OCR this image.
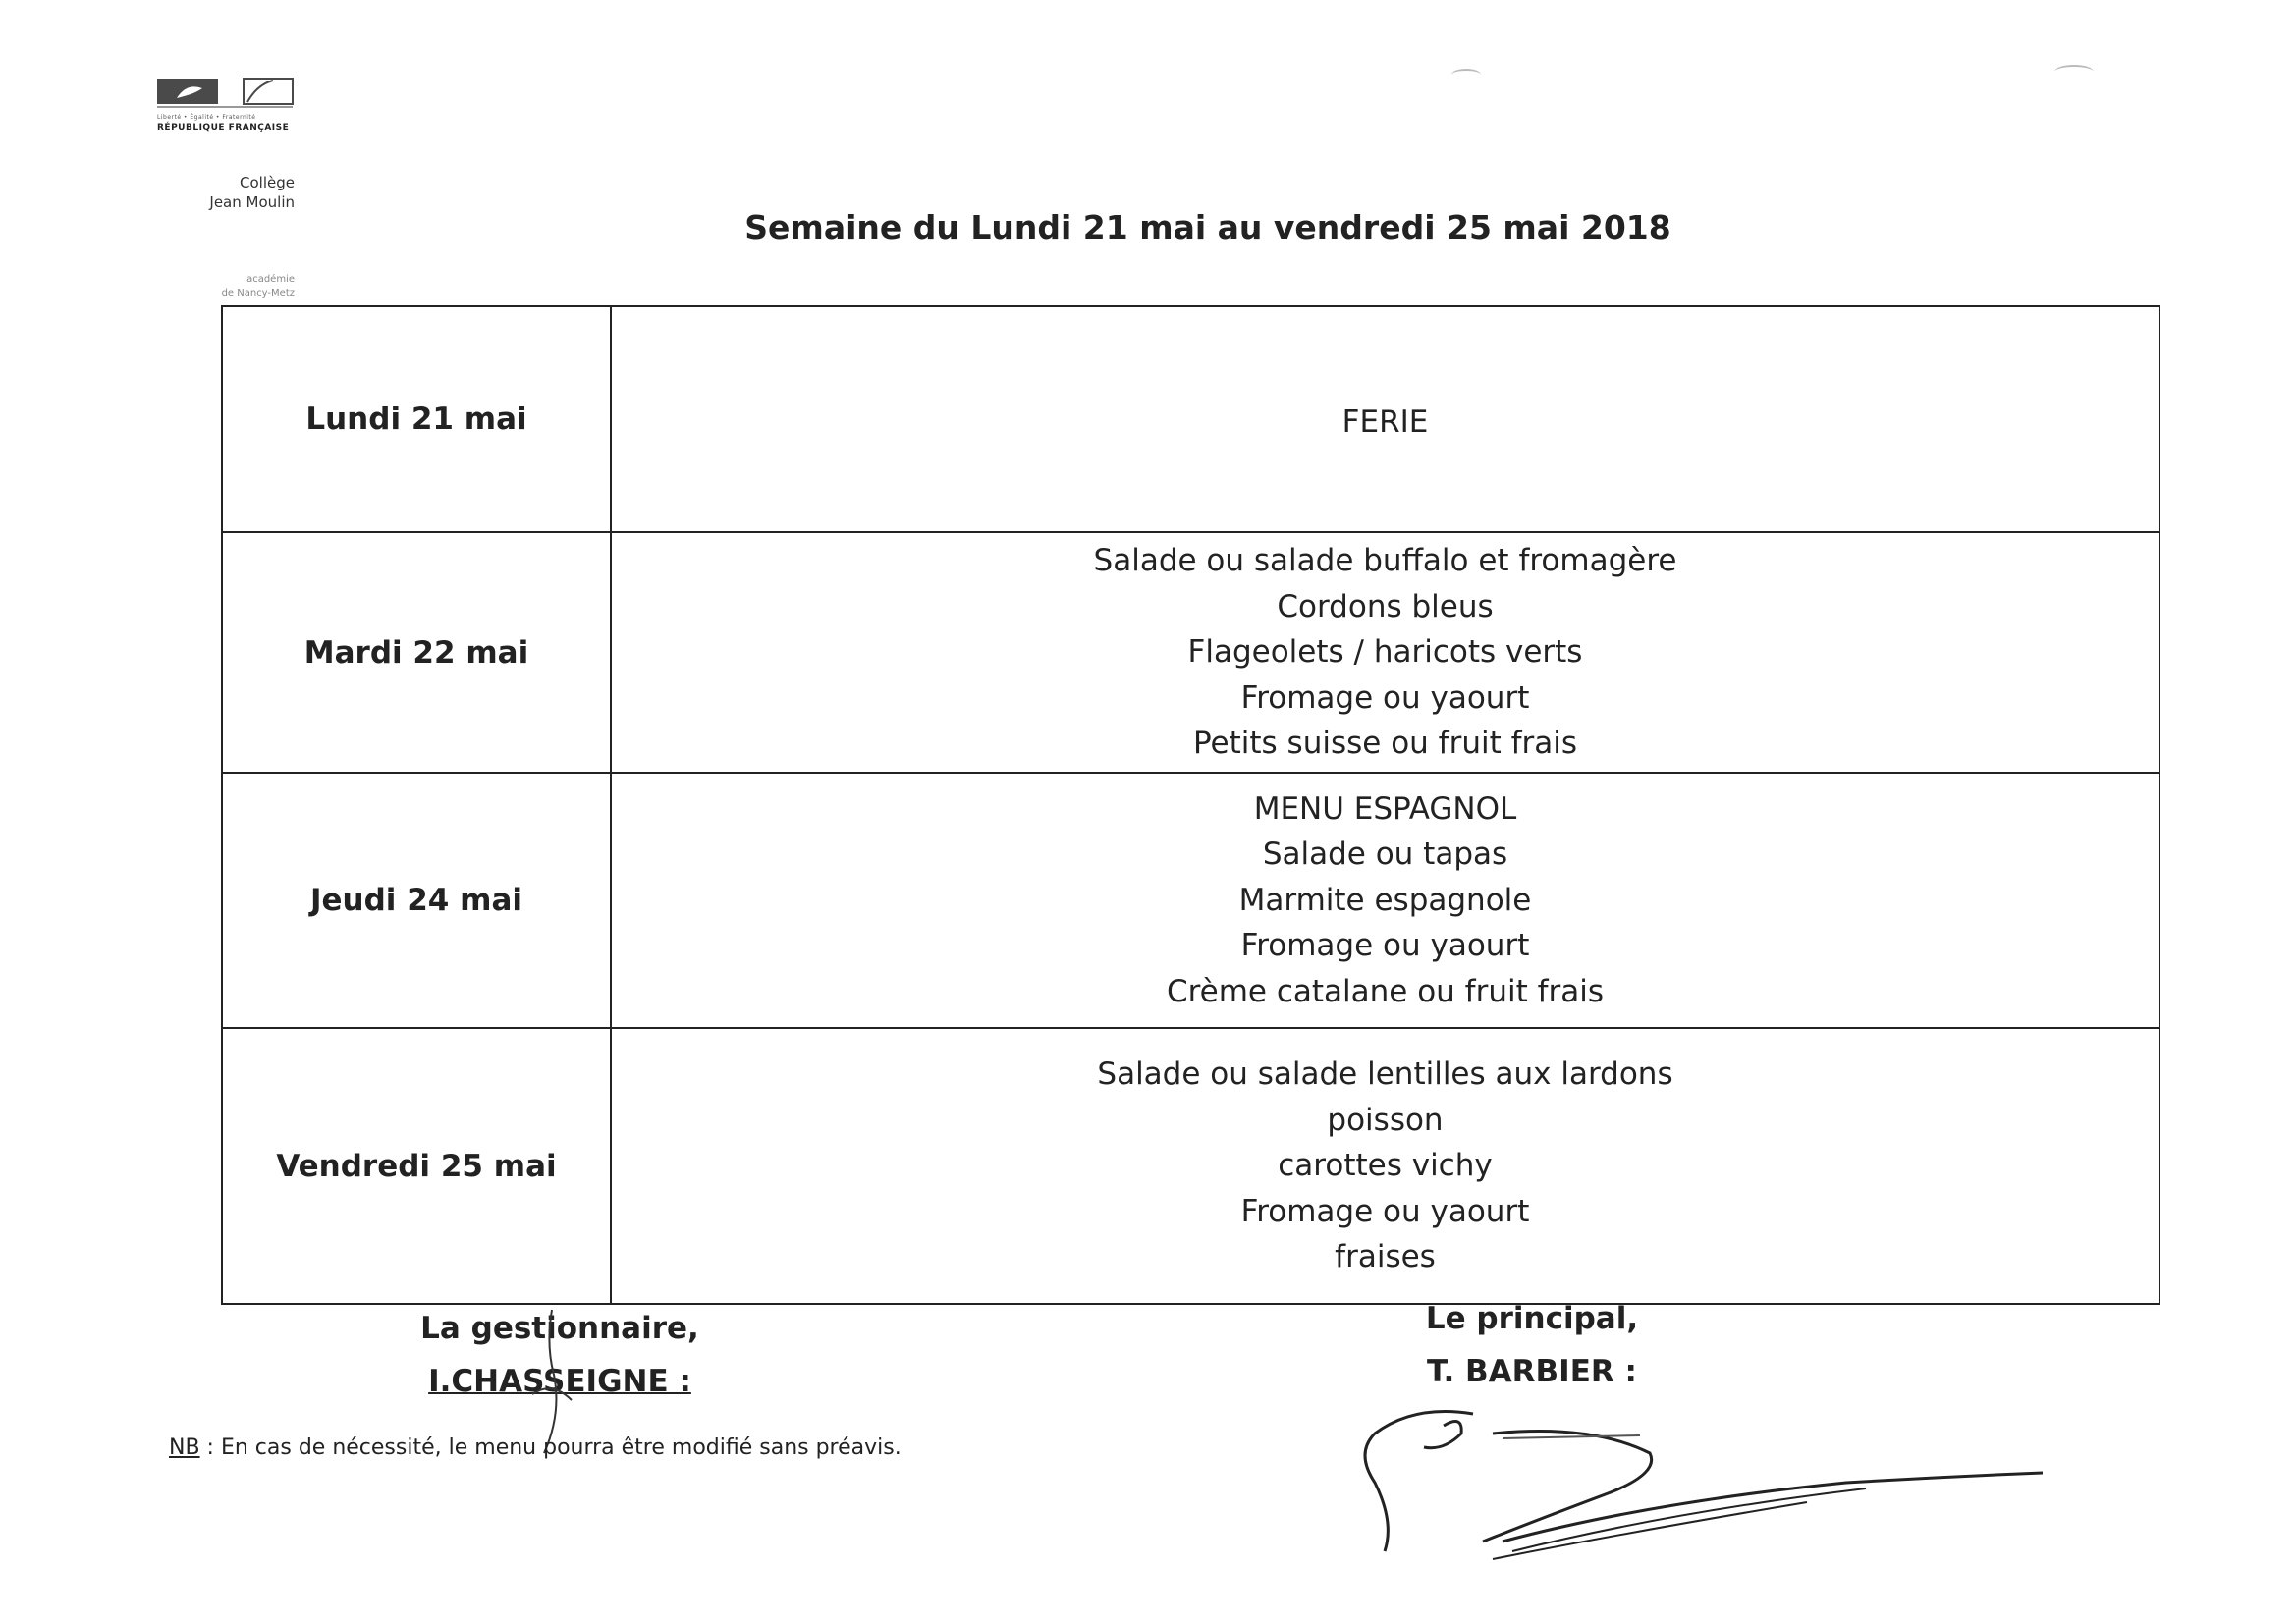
Liberté • Égalité • Fraternité
RÉPUBLIQUE FRANÇAISE
Collège
Jean Moulin
académie
de Nancy-Metz
Semaine du Lundi 21 mai au vendredi 25 mai 2018
Lundi 21 mai	FERIE
Mardi 22 mai
Salade ou salade buffalo et fromagère
Cordons bleus
Flageolets / haricots verts
Fromage ou yaourt
Petits suisse ou fruit frais
Jeudi 24 mai
MENU ESPAGNOL
Salade ou tapas
Marmite espagnole
Fromage ou yaourt
Crème catalane ou fruit frais
Vendredi 25 mai
Salade ou salade lentilles aux lardons
poisson
carottes vichy
Fromage ou yaourt
fraises
La gestionnaire,
I.CHASSEIGNE :
Le principal,
T. BARBIER :
NB : En cas de nécessité, le menu pourra être modifié sans préavis.
